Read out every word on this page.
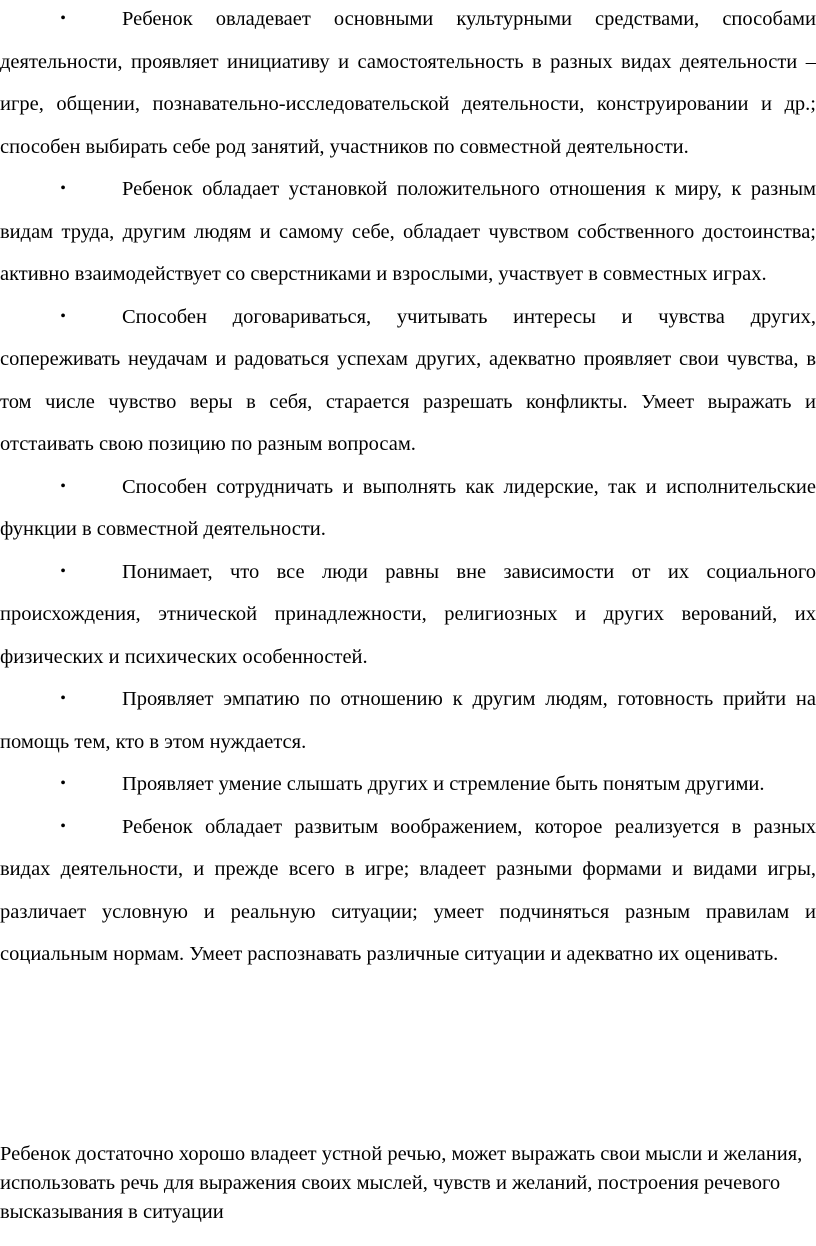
•	Ребенок овладевает основными культурными средствами, способами деятельности, проявляет инициативу и самостоятельность в разных видах деятельности – игре, общении, познавательно-исследовательской деятельности, конструировании и др.; способен выбирать себе род занятий, участников по совместной деятельности.

•	Ребенок обладает установкой положительного отношения к миру, к разным видам труда, другим людям и самому себе, обладает чувством собственного достоинства; активно взаимодействует со сверстниками и взрослыми, участвует в совместных играх.

•	Способен договариваться, учитывать интересы и чувства других, сопереживать неудачам и радоваться успехам других, адекватно проявляет свои чувства, в том числе чувство веры в себя, старается разрешать конфликты. Умеет выражать и отстаивать свою позицию по разным вопросам.

•	Способен сотрудничать и выполнять как лидерские, так и исполнительские функции в совместной деятельности.

•	Понимает, что все люди равны вне зависимости от их социального происхождения, этнической принадлежности, религиозных и других верований, их физических и психических особенностей.

•	Проявляет эмпатию по отношению к другим людям, готовность прийти на помощь тем, кто в этом нуждается.

•	Проявляет умение слышать других и стремление быть понятым другими.

•	Ребенок обладает развитым воображением, которое реализуется в разных видах деятельности, и прежде всего в игре; владеет разными формами и видами игры, различает условную и реальную ситуации; умеет подчиняться разным правилам и социальным нормам. Умеет распознавать различные ситуации и адекватно их оценивать.

Ребенок достаточно хорошо владеет устной речью, может выражать свои мысли и желания, использовать речь для выражения своих мыслей, чувств и желаний, построения речевого высказывания в ситуации
